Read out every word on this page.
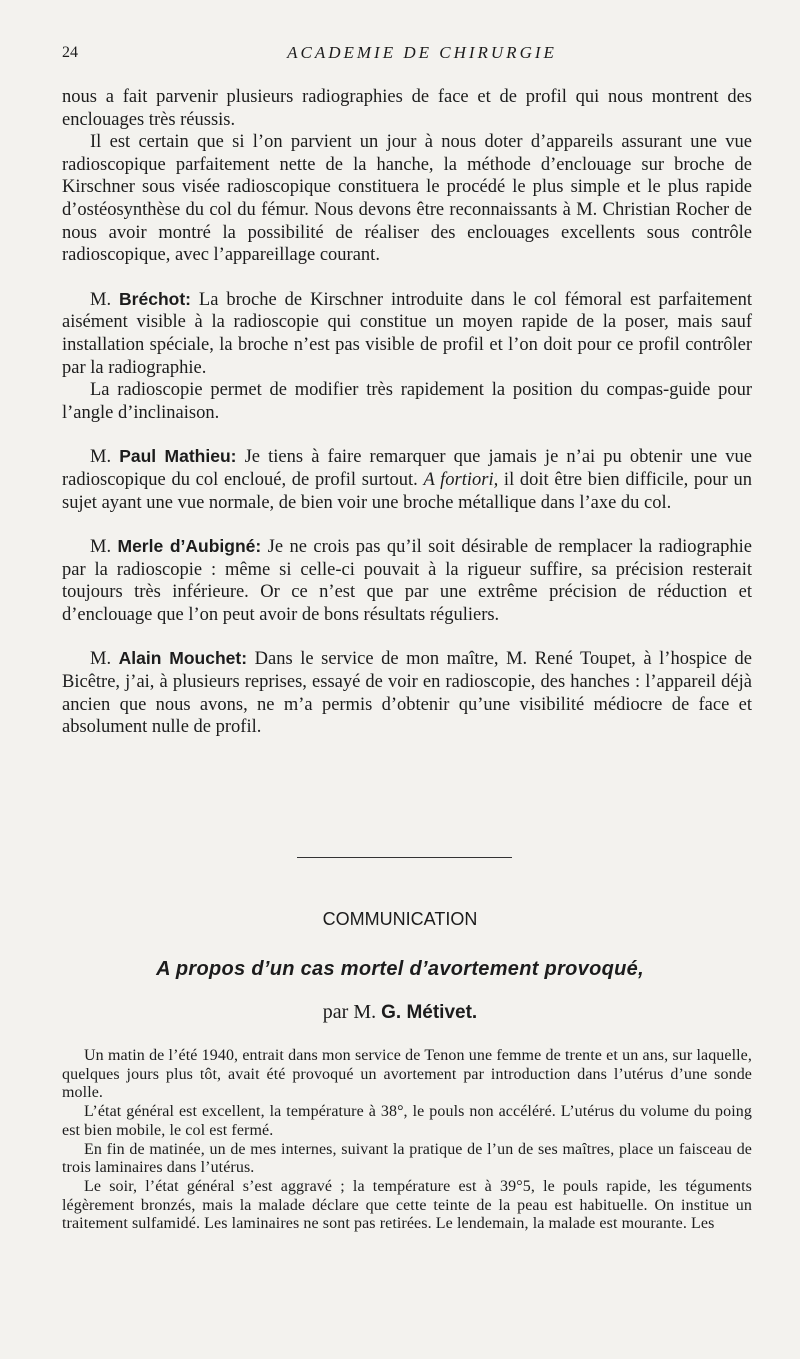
24	ACADEMIE DE CHIRURGIE

nous a fait parvenir plusieurs radiographies de face et de profil qui nous montrent des enclouages très réussis.

Il est certain que si l’on parvient un jour à nous doter d’appareils assurant une vue radioscopique parfaitement nette de la hanche, la méthode d’enclouage sur broche de Kirschner sous visée radioscopique constituera le procédé le plus simple et le plus rapide d’ostéosynthèse du col du fémur. Nous devons être reconnaissants à M. Christian Rocher de nous avoir montré la possibilité de réaliser des enclouages excellents sous contrôle radioscopique, avec l’appareillage courant.

M. Bréchot: La broche de Kirschner introduite dans le col fémoral est parfaitement aisément visible à la radioscopie qui constitue un moyen rapide de la poser, mais sauf installation spéciale, la broche n’est pas visible de profil et l’on doit pour ce profil contrôler par la radiographie.

La radioscopie permet de modifier très rapidement la position du compas-guide pour l’angle d’inclinaison.

M. Paul Mathieu: Je tiens à faire remarquer que jamais je n’ai pu obtenir une vue radioscopique du col encloué, de profil surtout. A fortiori, il doit être bien difficile, pour un sujet ayant une vue normale, de bien voir une broche métallique dans l’axe du col.

M. Merle d’Aubigné: Je ne crois pas qu’il soit désirable de remplacer la radiographie par la radioscopie : même si celle-ci pouvait à la rigueur suffire, sa précision resterait toujours très inférieure. Or ce n’est que par une extrême précision de réduction et d’enclouage que l’on peut avoir de bons résultats réguliers.

M. Alain Mouchet: Dans le service de mon maître, M. René Toupet, à l’hospice de Bicêtre, j’ai, à plusieurs reprises, essayé de voir en radioscopie, des hanches : l’appareil déjà ancien que nous avons, ne m’a permis d’obtenir qu’une visibilité médiocre de face et absolument nulle de profil.

COMMUNICATION
A propos d’un cas mortel d’avortement provoqué,
par M. G. Métivet.

Un matin de l’été 1940, entrait dans mon service de Tenon une femme de trente et un ans, sur laquelle, quelques jours plus tôt, avait été provoqué un avortement par introduction dans l’utérus d’une sonde molle.

L’état général est excellent, la température à 38°, le pouls non accéléré. L’utérus du volume du poing est bien mobile, le col est fermé.

En fin de matinée, un de mes internes, suivant la pratique de l’un de ses maîtres, place un faisceau de trois laminaires dans l’utérus.

Le soir, l’état général s’est aggravé ; la température est à 39°5, le pouls rapide, les téguments légèrement bronzés, mais la malade déclare que cette teinte de la peau est habituelle. On institue un traitement sulfamidé. Les laminaires ne sont pas retirées. Le lendemain, la malade est mourante. Les
